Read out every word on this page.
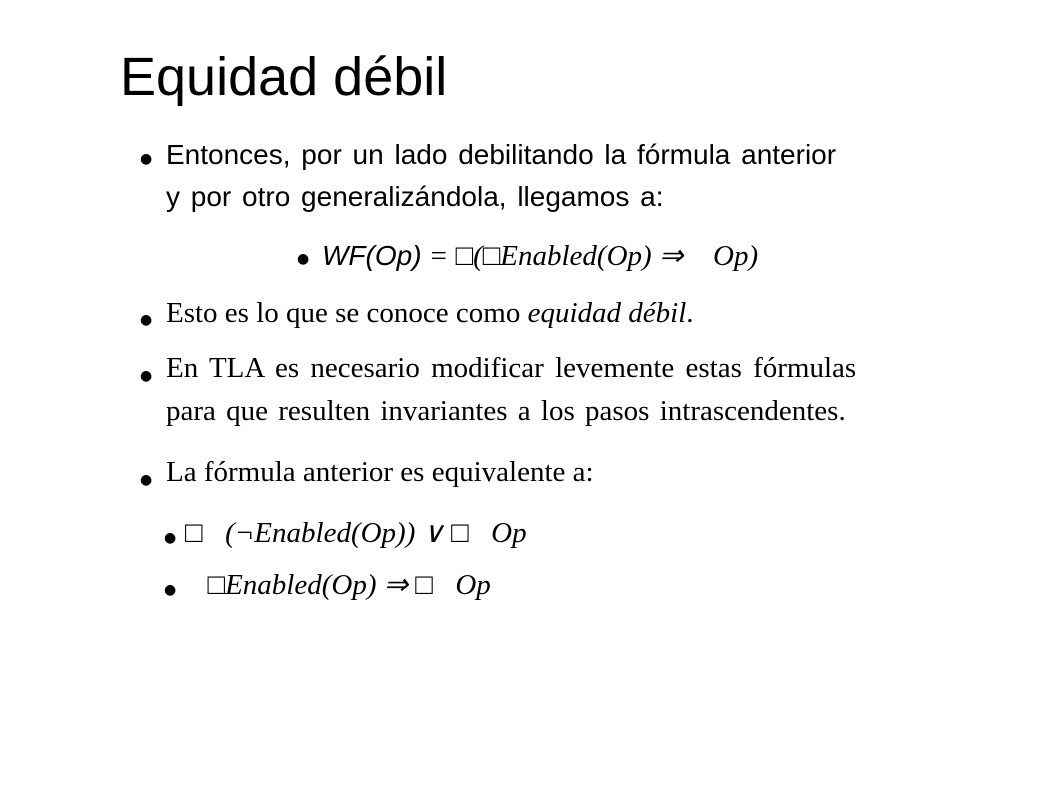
Equidad débil
● Entonces, por un lado debilitando la fórmula anterior
y por otro generalizándola, llegamos a:
● WF(Op) = □(□Enabled(Op) ⇒ Op)
● Esto es lo que se conoce como equidad débil.
● En TLA es necesario modificar levemente estas fórmulas
para que resulten invariantes a los pasos intrascendentes.
● La fórmula anterior es equivalente a:
● □ (¬Enabled(Op)) ∨ □ Op
● □Enabled(Op) ⇒ □ Op
